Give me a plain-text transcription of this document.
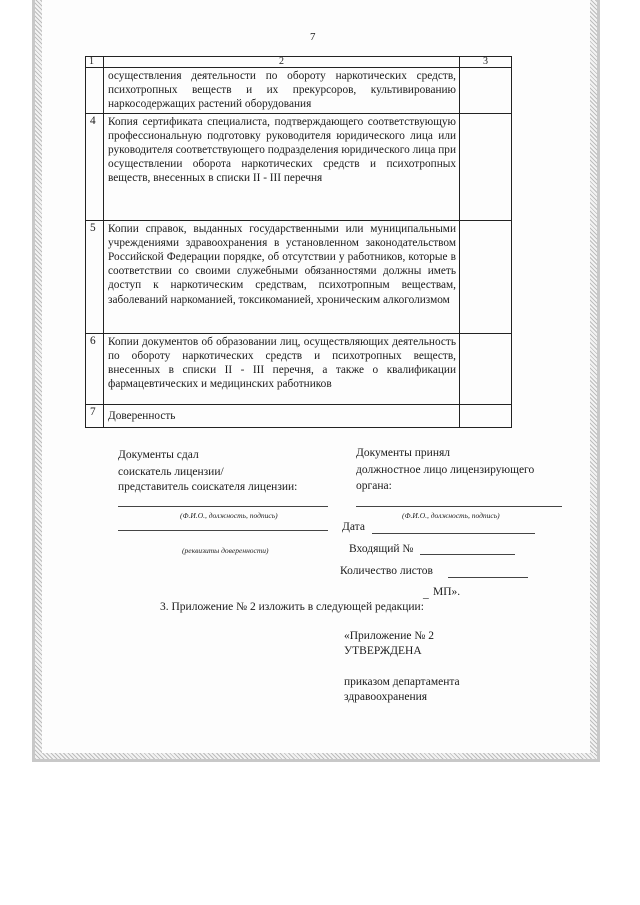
7
1	2	3
	осуществления деятельности по обороту наркотических средств, психотропных веществ и их прекурсоров, культивированию наркосодержащих растений оборудования	
4	Копия сертификата специалиста, подтверждающего соответствующую профессиональную подготовку руководителя юридического лица или руководителя соответствующего подразделения юридического лица при осуществлении оборота наркотических средств и психотропных веществ, внесенных в списки II - III перечня	
5	Копии справок, выданных государственными или муниципальными учреждениями здравоохранения в установленном законодательством Российской Федерации порядке, об отсутствии у работников, которые в соответствии со своими служебными обязанностями должны иметь доступ к наркотическим средствам, психотропным веществам, заболеваний наркоманией, токсикоманией, хроническим алкоголизмом	
6	Копии документов об образовании лиц, осуществляющих деятельность по обороту наркотических средств и психотропных веществ, внесенных в списки II - III перечня, а также о квалификации фармацевтических и медицинских работников	
7	Доверенность	
Документы сдал
соискатель лицензии/
представитель соискателя лицензии:
(Ф.И.О., должность, подпись)
(реквизиты доверенности)
Документы принял
должностное лицо лицензирующего
органа:
(Ф.И.О., должность, подпись)
Дата
Входящий №
Количество листов
МП».
_
3. Приложение № 2 изложить в следующей редакции:
«Приложение № 2
УТВЕРЖДЕНА
приказом департамента
здравоохранения
